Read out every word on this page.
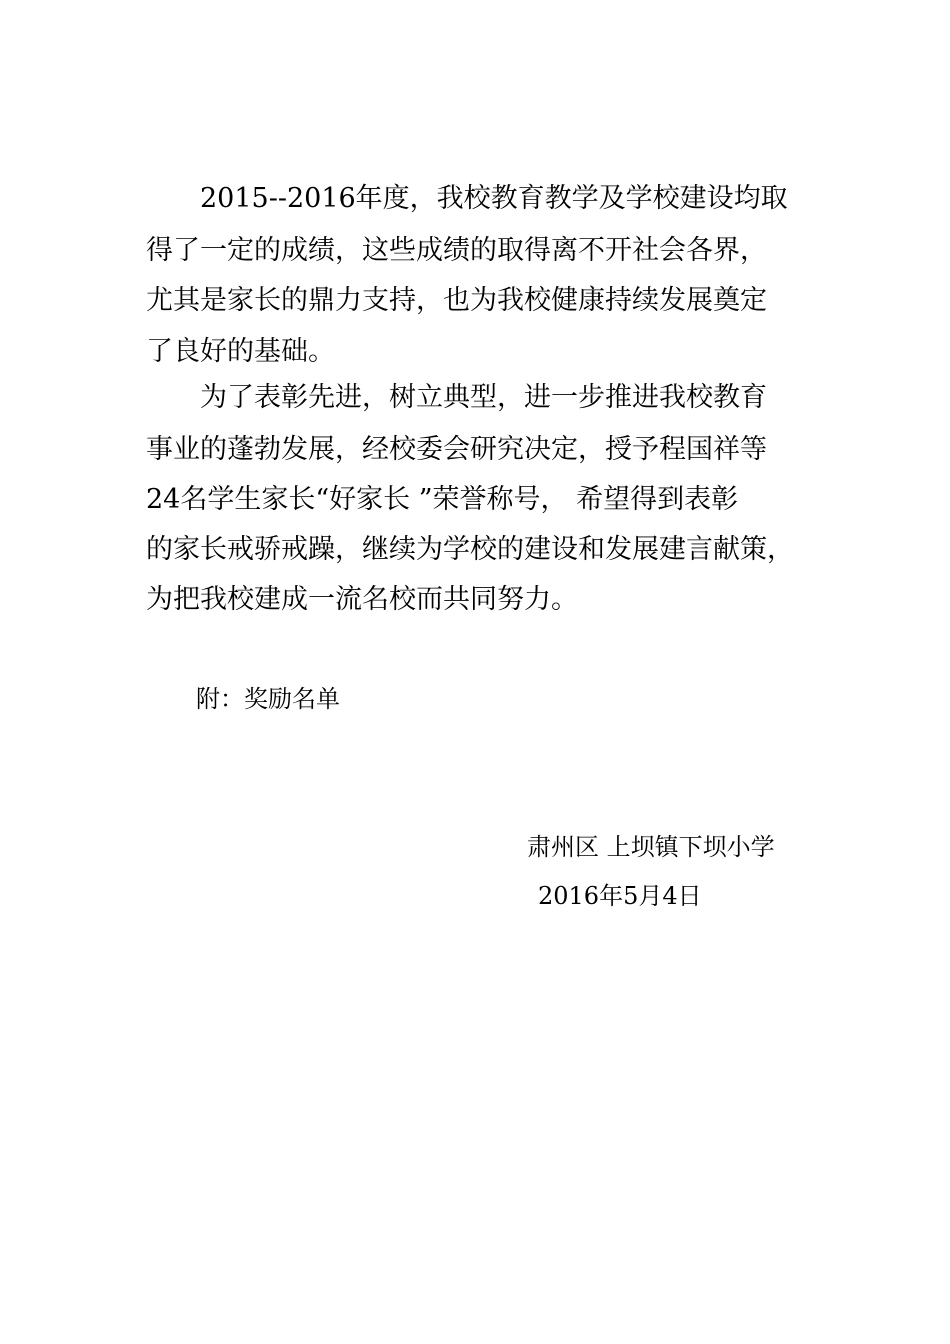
2015--2016年度，我校教育教学及学校建设均取
得了一定的成绩，这些成绩的取得离不开社会各界，
尤其是家长的鼎力支持，也为我校健康持续发展奠定
了良好的基础。
为了表彰先进，树立典型，进一步推进我校教育
事业的蓬勃发展，经校委会研究决定，授予程国祥等
24名学生家长“好家长 ”荣誉称号， 希望得到表彰
的家长戒骄戒躁，继续为学校的建设和发展建言献策，
为把我校建成一流名校而共同努力。
附：奖励名单
肃州区 上坝镇下坝小学
2016年5月4日
